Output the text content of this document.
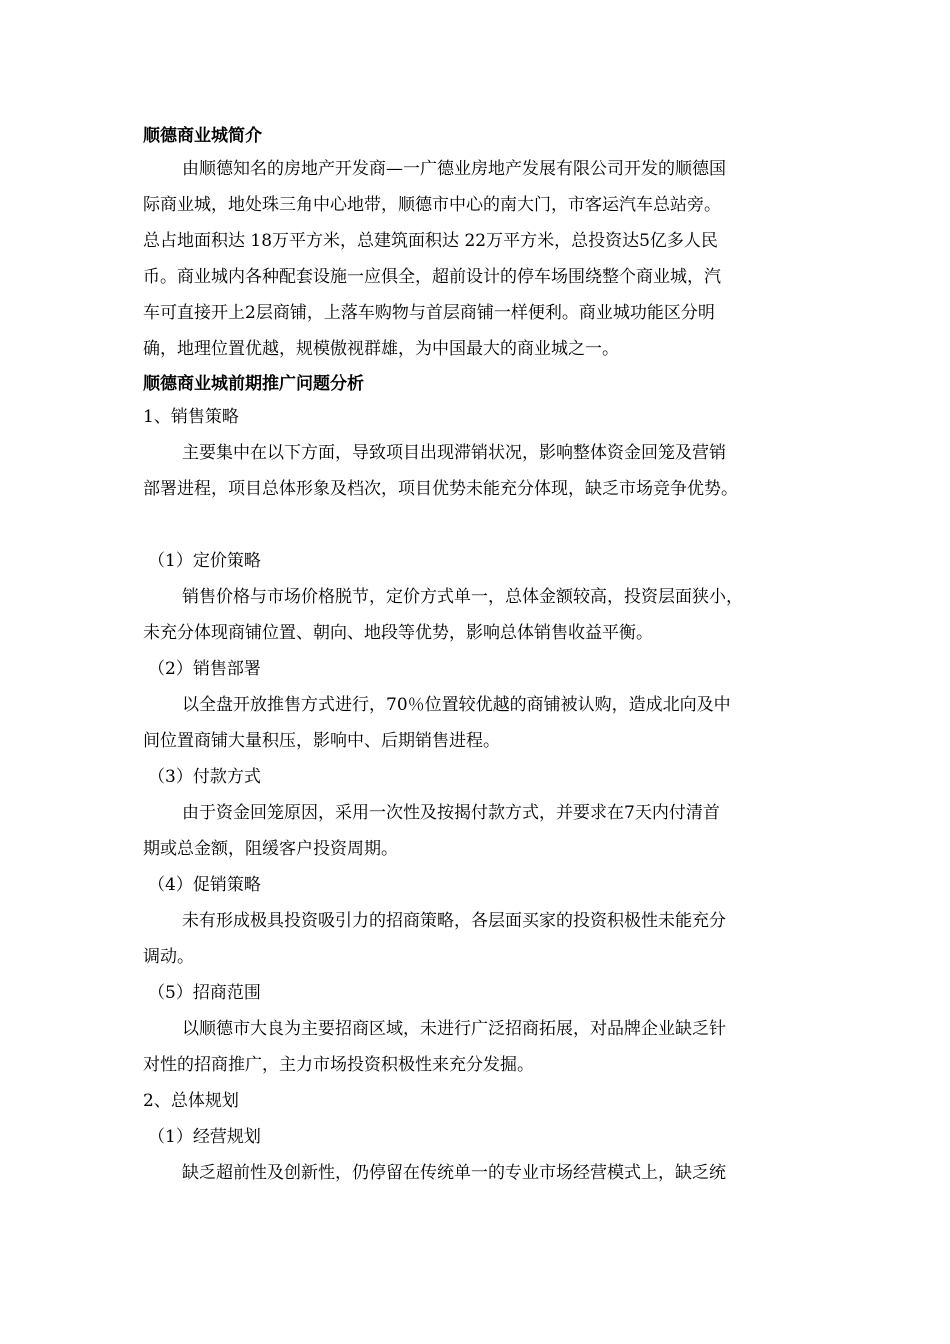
顺德商业城简介
由顺德知名的房地产开发商—一广德业房地产发展有限公司开发的顺德国
际商业城，地处珠三角中心地带，顺德市中心的南大门，市客运汽车总站旁。
总占地面积达 18万平方米，总建筑面积达 22万平方米，总投资达5亿多人民
币。商业城内各种配套设施一应俱全，超前设计的停车场围绕整个商业城，汽
车可直接开上2层商铺，上落车购物与首层商铺一样便利。商业城功能区分明
确，地理位置优越，规模傲视群雄，为中国最大的商业城之一。
顺德商业城前期推广问题分析
1、销售策略
主要集中在以下方面，导致项目出现滞销状况，影响整体资金回笼及营销
部署进程，项目总体形象及档次，项目优势未能充分体现，缺乏市场竞争优势。
（1）定价策略
销售价格与市场价格脱节，定价方式单一，总体金额较高，投资层面狭小，
未充分体现商铺位置、朝向、地段等优势，影响总体销售收益平衡。
（2）销售部署
以全盘开放推售方式进行，70％位置较优越的商铺被认购，造成北向及中
间位置商铺大量积压，影响中、后期销售进程。
（3）付款方式
由于资金回笼原因，采用一次性及按揭付款方式，并要求在7天内付清首
期或总金额，阻缓客户投资周期。
（4）促销策略
未有形成极具投资吸引力的招商策略，各层面买家的投资积极性未能充分
调动。
（5）招商范围
以顺德市大良为主要招商区域，未进行广泛招商拓展，对品牌企业缺乏针
对性的招商推广，主力市场投资积极性来充分发掘。
2、总体规划
（1）经营规划
缺乏超前性及创新性，仍停留在传统单一的专业市场经营模式上，缺乏统
